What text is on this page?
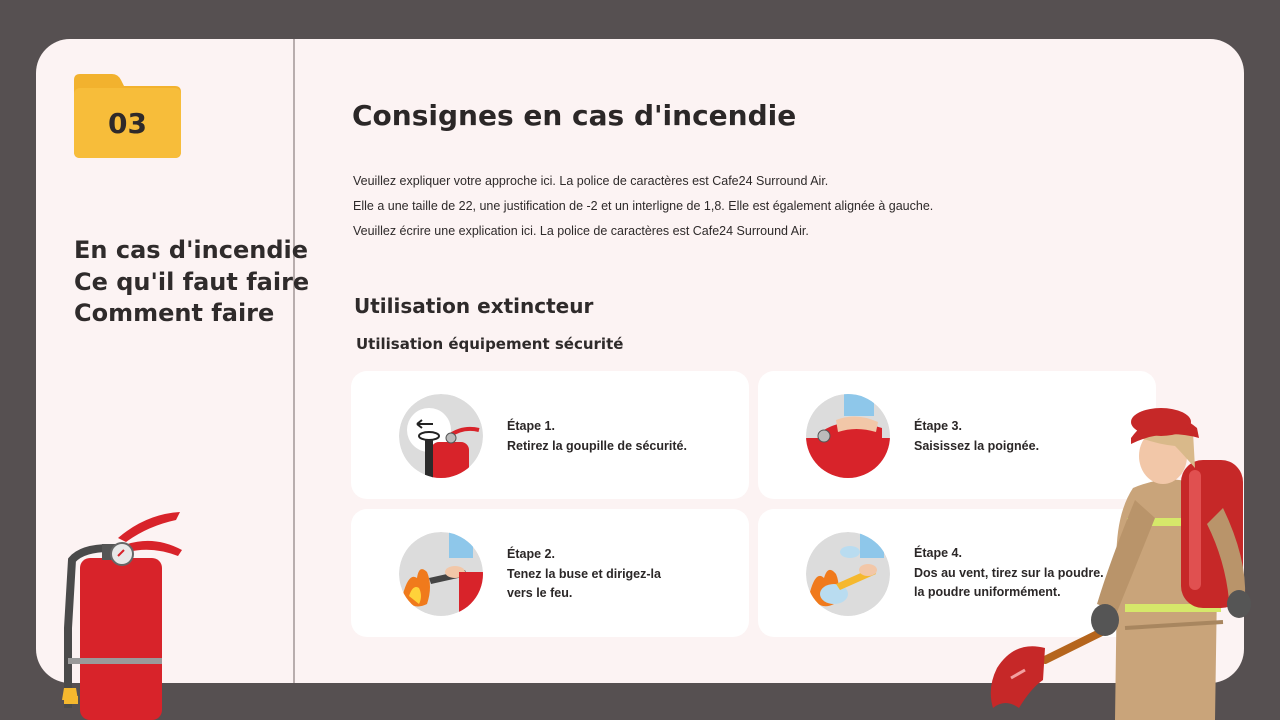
03
En cas d'incendie
Ce qu'il faut faire
Comment faire
Consignes en cas d'incendie
Veuillez expliquer votre approche ici. La police de caractères est Cafe24 Surround Air.
Elle a une taille de 22, une justification de -2 et un interligne de 1,8. Elle est également alignée à gauche.
Veuillez écrire une explication ici. La police de caractères est Cafe24 Surround Air.
Utilisation extincteur
Utilisation équipement sécurité
Étape 1.
Retirez la goupille de sécurité.
Étape 3.
Saisissez la poignée.
Étape 2.
Tenez la buse et dirigez-la
vers le feu.
Étape 4.
Dos au vent, tirez sur la poudre.
la poudre uniformément.
